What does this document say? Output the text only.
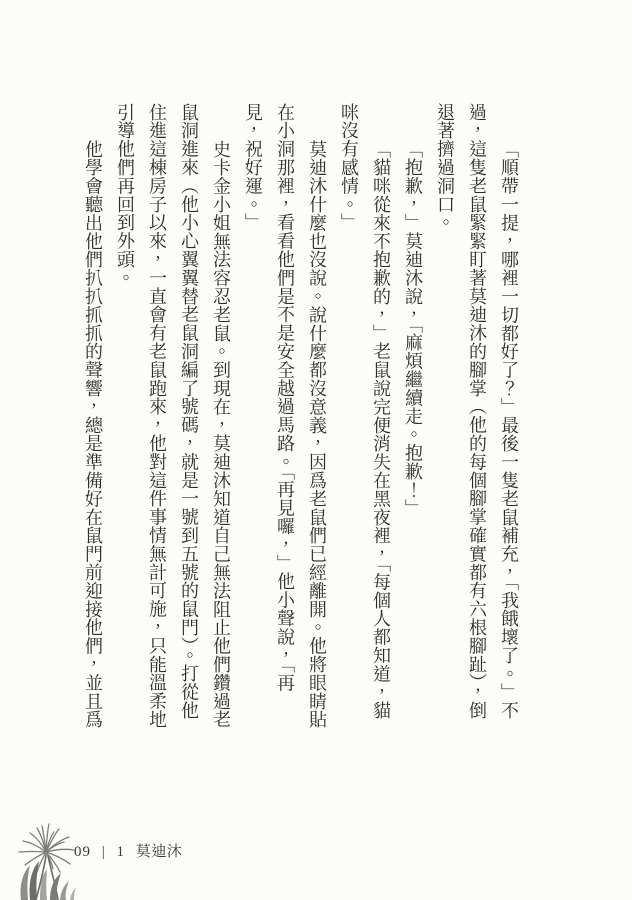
「順帶一提，哪裡一切都好了？」最後一隻老鼠補充，「我餓壞了。」不
過，這隻老鼠緊緊盯著莫迪沐的腳掌（他的每個腳掌確實都有六根腳趾），倒
退著擠過洞口。
「抱歉，」莫迪沐說，「麻煩繼續走。抱歉！」
「貓咪從來不抱歉的，」老鼠說完便消失在黑夜裡，「每個人都知道，貓
咪沒有感情。」
莫迪沐什麼也沒說。說什麼都沒意義，因爲老鼠們已經離開。他將眼睛貼
在小洞那裡，看看他們是不是安全越過馬路。「再見囉，」他小聲說，「再
見，祝好運。」
史卡金小姐無法容忍老鼠。到現在，莫迪沐知道自己無法阻止他們鑽過老
鼠洞進來（他小心翼翼替老鼠洞編了號碼，就是一號到五號的鼠門）。打從他
住進這棟房子以來，一直會有老鼠跑來，他對這件事情無計可施，只能溫柔地
引導他們再回到外頭。
他學會聽出他們扒扒抓抓的聲響，總是準備好在鼠門前迎接他們，並且爲
09 | 1 莫迪沐
